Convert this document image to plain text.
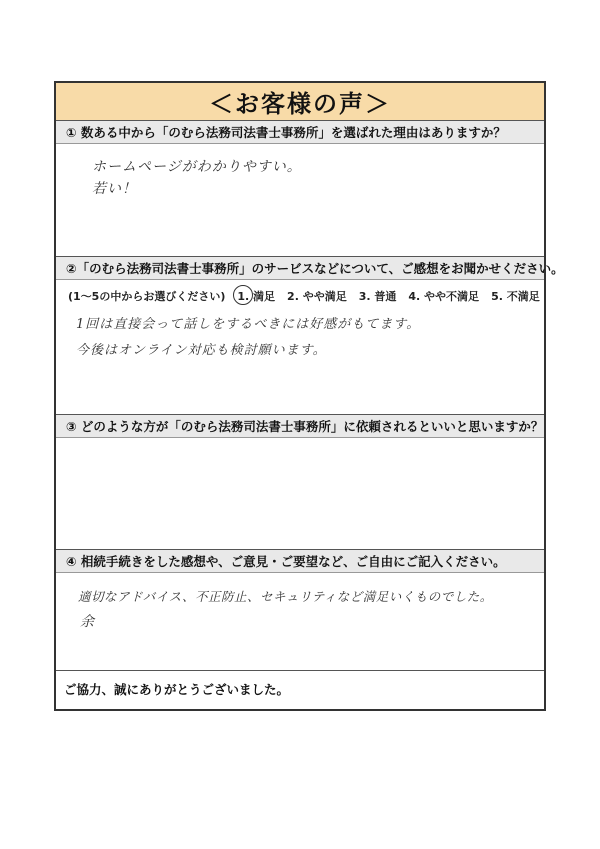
＜お客様の声＞
① 数ある中から「のむら法務司法書士事務所」を選ばれた理由はありますか？
ホームページがわかりやすい。
若い！
②「のむら法務司法書士事務所」のサービスなどについて、ご感想をお聞かせください。
(1〜5の中からお選びください) 1. 満足 2. やや満足 3. 普通 4. やや不満足 5. 不満足
1回は直接会って話しをするべきには好感がもてます。
今後はオンライン対応も検討願います。
③ どのような方が「のむら法務司法書士事務所」に依頼されるといいと思いますか？
④ 相続手続きをした感想や、ご意見・ご要望など、ご自由にご記入ください。
適切なアドバイス、不正防止、セキュリティなど満足いくものでした。
余
ご協力、誠にありがとうございました。
